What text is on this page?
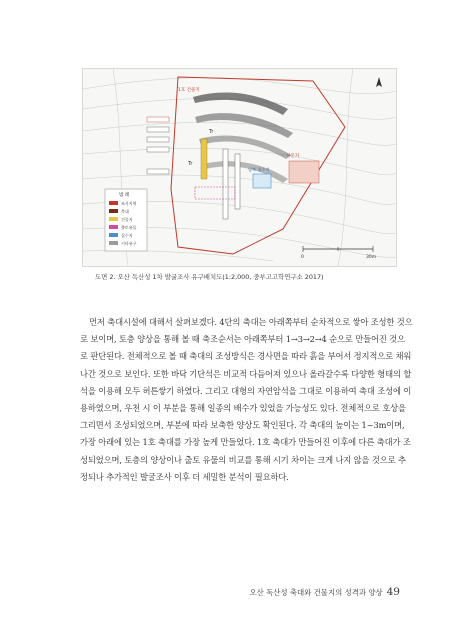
1호 건물지
Tr
Tr
성문지
남쪽 집수지
범 례
조사지역
축대
건물지
출토유물
집수지
기타유구
0	30m
도면 2. 오산 독산성 1차 발굴조사 유구배치도(1:2,000, 중부고고학연구소 2017)
먼저 축대시설에 대해서 살펴보겠다. 4단의 축대는 아래쪽부터 순차적으로 쌓아 조성한 것으
로 보이며, 토층 양상을 통해 볼 때 축조순서는 아래쪽부터 1→3→2→4 순으로 만들어진 것으
로 판단된다. 전체적으로 볼 때 축대의 조성방식은 경사면을 따라 흙을 부어서 정지적으로 채워
나간 것으로 보인다. 또한 바닥 기단석은 비교적 다듬어져 있으나 올라갈수록 다양한 형태의 할
석을 이용해 모두 허튼쌓기 하였다. 그리고 대형의 자연암석을 그대로 이용하여 축대 조성에 이
용하였으며, 우천 시 이 부분을 통해 일종의 배수가 있었을 가능성도 있다. 전체적으로 호상을
그리면서 조성되었으며, 부분에 따라 보축한 양상도 확인된다. 각 축대의 높이는 1~3m이며,
가장 아래에 있는 1호 축대를 가장 높게 만들었다. 1호 축대가 만들어진 이후에 다른 축대가 조
성되었으며, 토층의 양상이나 출토 유물의 비교를 통해 시기 차이는 크게 나지 않을 것으로 추
정되나 추가적인 발굴조사 이후 더 세밀한 분석이 필요하다.
오산 독산성 축대와 건물지의 성격과 양상 49
